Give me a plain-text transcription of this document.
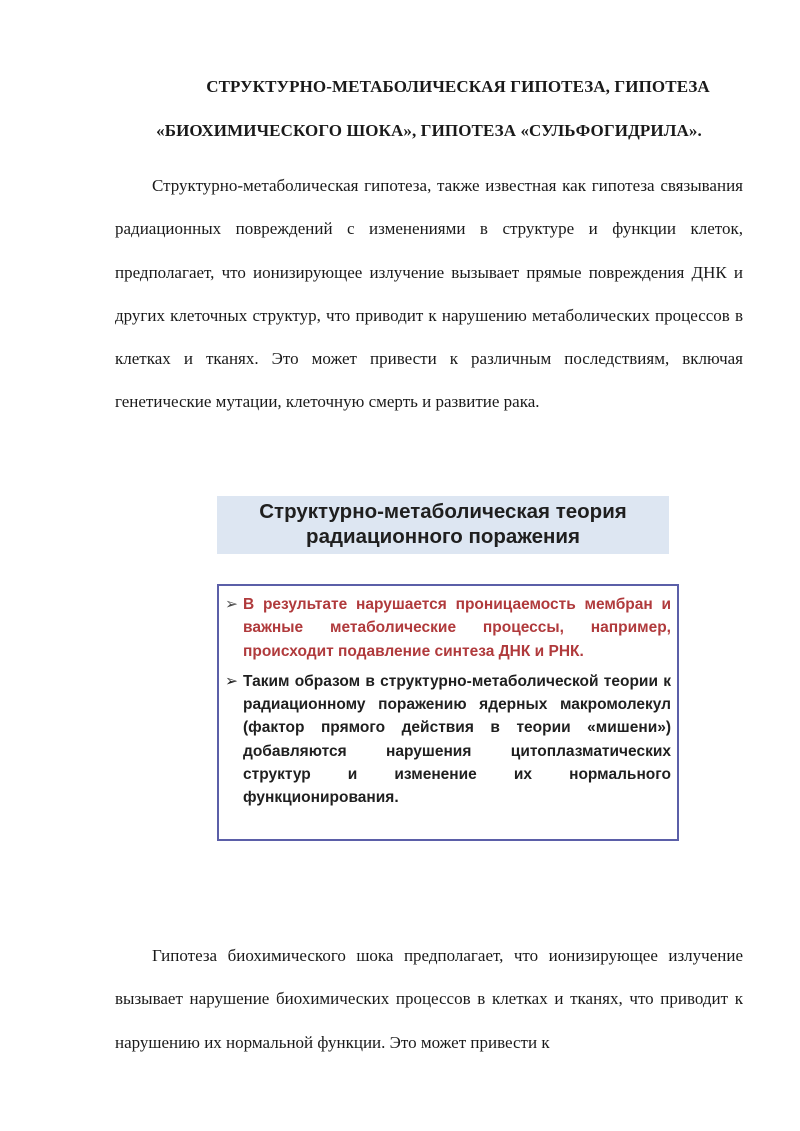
СТРУКТУРНО-МЕТАБОЛИЧЕСКАЯ ГИПОТЕЗА, ГИПОТЕЗА
«БИОХИМИЧЕСКОГО ШОКА», ГИПОТЕЗА «СУЛЬФОГИДРИЛА».

Структурно-метаболическая гипотеза, также известная как гипотеза связывания радиационных повреждений с изменениями в структуре и функции клеток, предполагает, что ионизирующее излучение вызывает прямые повреждения ДНК и других клеточных структур, что приводит к нарушению метаболических процессов в клетках и тканях. Это может привести к различным последствиям, включая генетические мутации, клеточную смерть и развитие рака.

Структурно-метаболическая теория
радиационного поражения
➢ В результате нарушается проницаемость мембран и важные метаболические процессы, например, происходит подавление синтеза ДНК и РНК.
➢ Таким образом в структурно-метаболической теории к радиационному поражению ядерных макромолекул (фактор прямого действия в теории «мишени») добавляются нарушения цитоплазматических структур и изменение их нормального функционирования.

Гипотеза биохимического шока предполагает, что ионизирующее излучение вызывает нарушение биохимических процессов в клетках и тканях, что приводит к нарушению их нормальной функции. Это может привести к
